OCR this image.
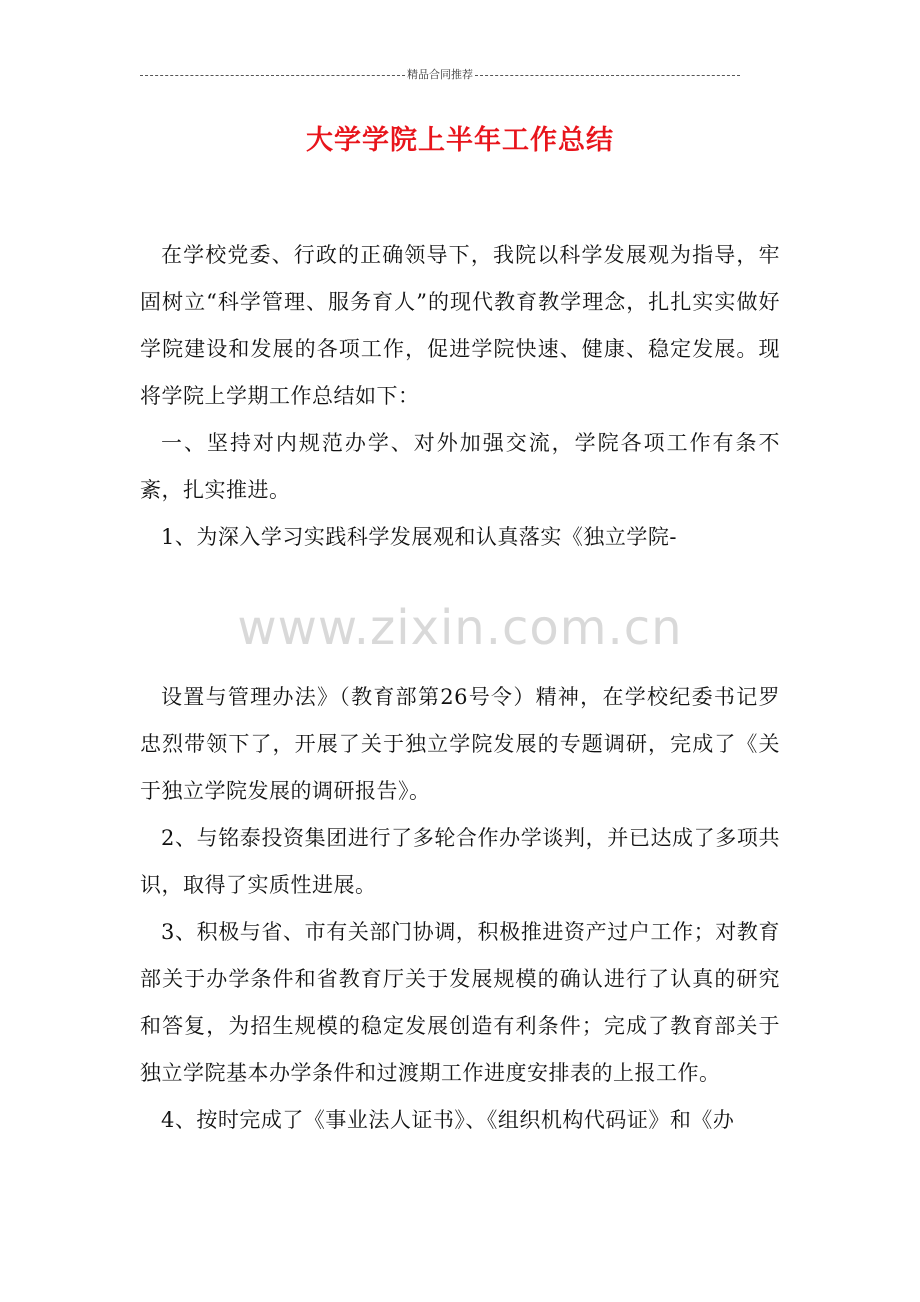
精品合同推荐
大学学院上半年工作总结

在学校党委、行政的正确领导下，我院以科学发展观为指导，牢固树立“科学管理、服务育人”的现代教育教学理念，扎扎实实做好学院建设和发展的各项工作，促进学院快速、健康、稳定发展。现将学院上学期工作总结如下：

一、坚持对内规范办学、对外加强交流，学院各项工作有条不紊，扎实推进。

1、为深入学习实践科学发展观和认真落实《独立学院-

www.zixin.com.cn

设置与管理办法》（教育部第26号令）精神，在学校纪委书记罗忠烈带领下了，开展了关于独立学院发展的专题调研，完成了《关于独立学院发展的调研报告》。

2、与铭泰投资集团进行了多轮合作办学谈判，并已达成了多项共识，取得了实质性进展。

3、积极与省、市有关部门协调，积极推进资产过户工作；对教育部关于办学条件和省教育厅关于发展规模的确认进行了认真的研究和答复，为招生规模的稳定发展创造有利条件；完成了教育部关于独立学院基本办学条件和过渡期工作进度安排表的上报工作。

4、按时完成了《事业法人证书》、《组织机构代码证》和《办
